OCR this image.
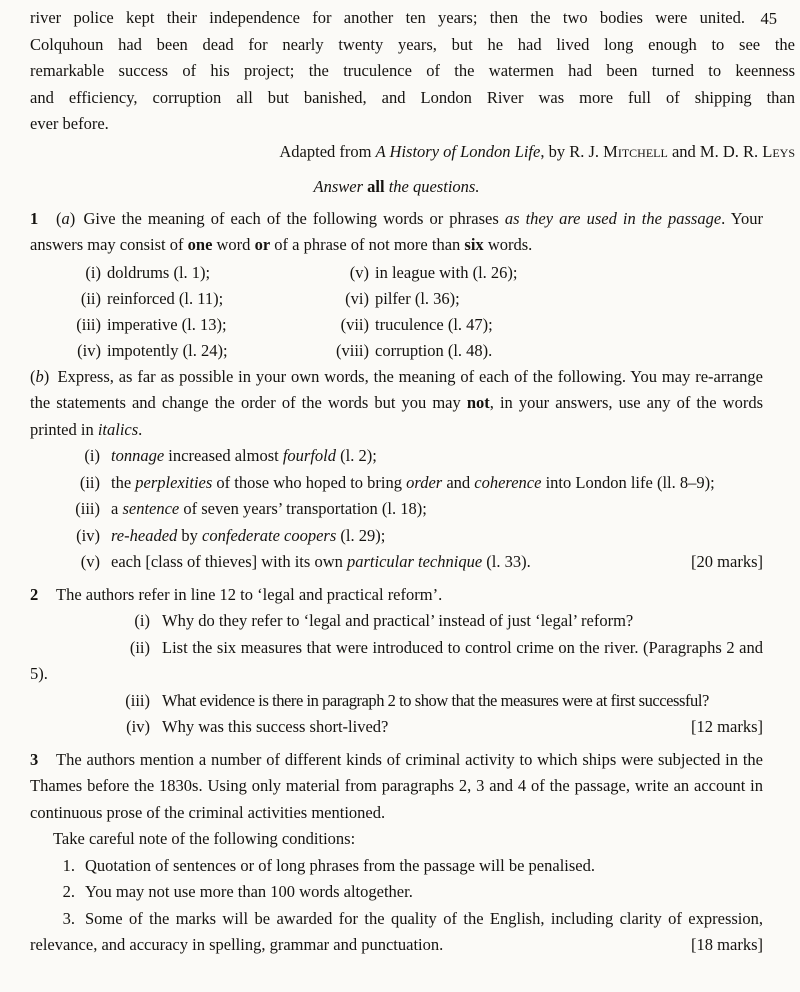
river police kept their independence for another ten years; then the two bodies were united. 45
Colquhoun had been dead for nearly twenty years, but he had lived long enough to see the
remarkable success of his project; the truculence of the watermen had been turned to keenness
and efficiency, corruption all but banished, and London River was more full of shipping than
ever before.
Adapted from A History of London Life, by R. J. Mitchell and M. D. R. Leys
Answer all the questions.

1 (a) Give the meaning of each of the following words or phrases as they are used in the passage. Your answers may consist of one word or of a phrase of not more than six words.

(i) doldrums (l. 1);	(v) in league with (l. 26);
(ii) reinforced (l. 11);	(vi) pilfer (l. 36);
(iii) imperative (l. 13);	(vii) truculence (l. 47);
(iv) impotently (l. 24);	(viii) corruption (l. 48).

(b) Express, as far as possible in your own words, the meaning of each of the following. You may re-arrange the statements and change the order of the words but you may not, in your answers, use any of the words printed in italics.

(i) tonnage increased almost fourfold (l. 2);

(ii) the perplexities of those who hoped to bring order and coherence into London life (ll. 8–9);

(iii) a sentence of seven years’ transportation (l. 18);

(iv) re-headed by confederate coopers (l. 29);

(v) each [class of thieves] with its own particular technique (l. 33).	[20 marks]

2 The authors refer in line 12 to ‘legal and practical reform’.

(i) Why do they refer to ‘legal and practical’ instead of just ‘legal’ reform?

(ii) List the six measures that were introduced to control crime on the river. (Paragraphs 2 and 5).

(iii) What evidence is there in paragraph 2 to show that the measures were at first successful?

(iv) Why was this success short-lived?	[12 marks]

3 The authors mention a number of different kinds of criminal activity to which ships were subjected in the Thames before the 1830s. Using only material from paragraphs 2, 3 and 4 of the passage, write an account in continuous prose of the criminal activities mentioned.

Take careful note of the following conditions:

1. Quotation of sentences or of long phrases from the passage will be penalised.

2. You may not use more than 100 words altogether.

3. Some of the marks will be awarded for the quality of the English, including clarity of expression, relevance, and accuracy in spelling, grammar and punctuation.	[18 marks]
